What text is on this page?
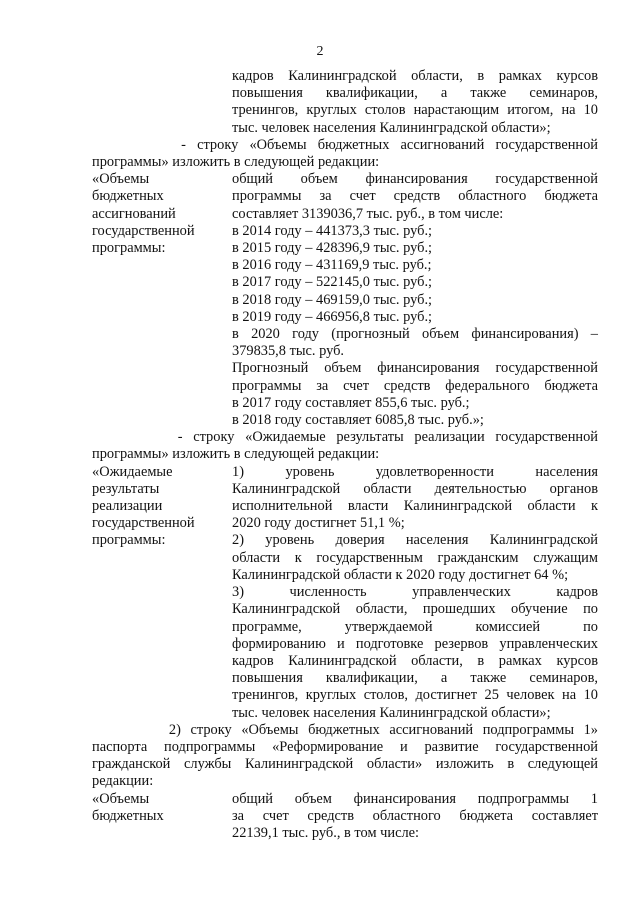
2
кадров Калининградской области, в рамках курсов
повышения квалификации, а также семинаров,
тренингов, круглых столов нарастающим итогом, на 10
тыс. человек населения Калининградской области»;
- строку «Объемы бюджетных ассигнований государственной
программы» изложить в следующей редакции:
«Объемы
бюджетных
ассигнований
государственной
программы:
общий объем финансирования государственной
программы за счет средств областного бюджета
составляет 3139036,7 тыс. руб., в том числе:
в 2014 году – 441373,3 тыс. руб.;
в 2015 году – 428396,9 тыс. руб.;
в 2016 году – 431169,9 тыс. руб.;
в 2017 году – 522145,0 тыс. руб.;
в 2018 году – 469159,0 тыс. руб.;
в 2019 году – 466956,8 тыс. руб.;
в 2020 году (прогнозный объем финансирования) –
379835,8 тыс. руб.
Прогнозный объем финансирования государственной
программы за счет средств федерального бюджета
в 2017 году составляет 855,6 тыс. руб.;
в 2018 году составляет 6085,8 тыс. руб.»;
- строку «Ожидаемые результаты реализации государственной
программы» изложить в следующей редакции:
«Ожидаемые
результаты
реализации
государственной
программы:
1) уровень удовлетворенности населения
Калининградской области деятельностью органов
исполнительной власти Калининградской области к
2020 году достигнет 51,1 %;
2) уровень доверия населения Калининградской
области к государственным гражданским служащим
Калининградской области к 2020 году достигнет 64 %;
3) численность управленческих кадров
Калининградской области, прошедших обучение по
программе, утверждаемой комиссией по
формированию и подготовке резервов управленческих
кадров Калининградской области, в рамках курсов
повышения квалификации, а также семинаров,
тренингов, круглых столов, достигнет 25 человек на 10
тыс. человек населения Калининградской области»;
2) строку «Объемы бюджетных ассигнований подпрограммы 1»
паспорта подпрограммы «Реформирование и развитие государственной
гражданской службы Калининградской области» изложить в следующей
редакции:
«Объемы
бюджетных
общий объем финансирования подпрограммы 1
за счет средств областного бюджета составляет
22139,1 тыс. руб., в том числе:
